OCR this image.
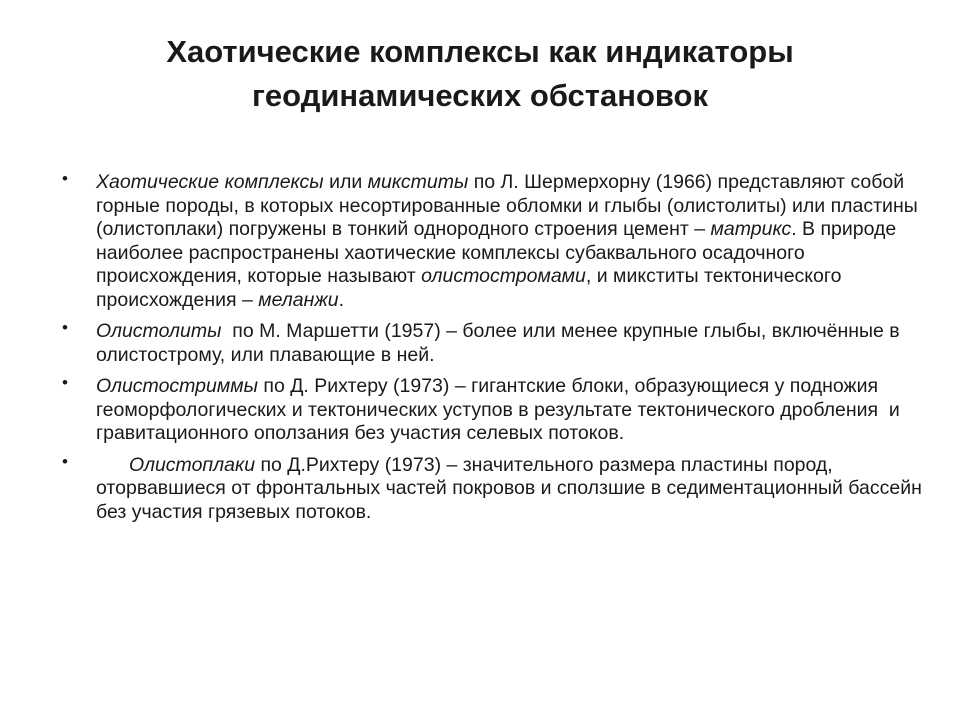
Хаотические комплексы как индикаторы
геодинамических обстановок
• Хаотические комплексы или микститы по Л. Шермерхорну (1966) представляют собой горные породы, в которых несортированные обломки и глыбы (олистолиты) или пластины (олистоплаки) погружены в тонкий однородного строения цемент – матрикс. В природе наиболее распространены хаотические комплексы субаквального осадочного происхождения, которые называют олистостромами, и микститы тектонического происхождения – меланжи.
• Олистолиты  по М. Маршетти (1957) – более или менее крупные глыбы, включённые в олистострому, или плавающие в ней.
• Олистостриммы по Д. Рихтеру (1973) – гигантские блоки, образующиеся у подножия геоморфологических и тектонических уступов в результате тектонического дробления  и гравитационного оползания без участия селевых потоков.
•	Олистоплаки по Д.Рихтеру (1973) – значительного размера пластины пород, оторвавшиеся от фронтальных частей покровов и сползшие в седиментационный бассейн без участия грязевых потоков.
